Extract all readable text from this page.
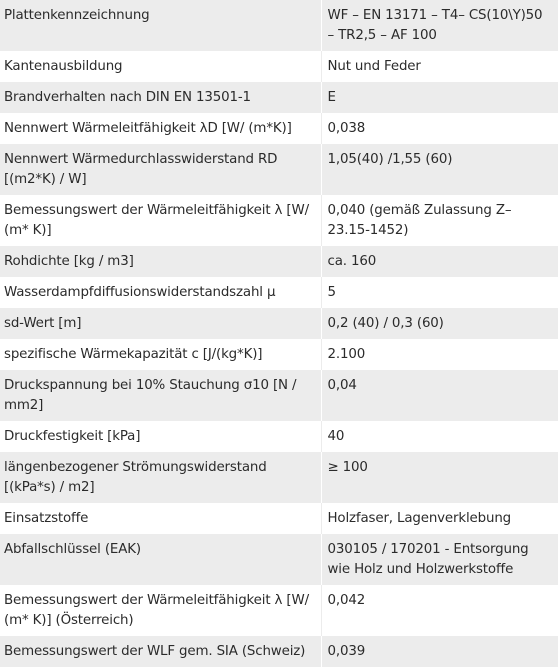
Plattenkennzeichnung	WF – EN 13171 – T4– CS(10\Y)50 – TR2,5 – AF 100
Kantenausbildung	Nut und Feder
Brandverhalten nach DIN EN 13501-1	E
Nennwert Wärmeleitfähigkeit λD [W/ (m*K)]	0,038
Nennwert Wärmedurchlasswiderstand RD [(m2*K) / W]	1,05(40) /1,55 (60)
Bemessungswert der Wärmeleitfähigkeit λ [W/ (m* K)]	0,040 (gemäß Zulassung Z–23.15-1452)
Rohdichte [kg / m3]	ca. 160
Wasserdampfdiffusionswiderstandszahl μ	5
sd-Wert [m]	0,2 (40) / 0,3 (60)
spezifische Wärmekapazität c [J/(kg*K)]	2.100
Druckspannung bei 10% Stauchung σ10 [N / mm2]	0,04
Druckfestigkeit [kPa]	40
längenbezogener Strömungswiderstand [(kPa*s) / m2]	≥ 100
Einsatzstoffe	Holzfaser, Lagenverklebung
Abfallschlüssel (EAK)	030105 / 170201 - Entsorgung wie Holz und Holzwerkstoffe
Bemessungswert der Wärmeleitfähigkeit λ [W/ (m* K)] (Österreich)	0,042
Bemessungswert der WLF gem. SIA (Schweiz)	0,039
